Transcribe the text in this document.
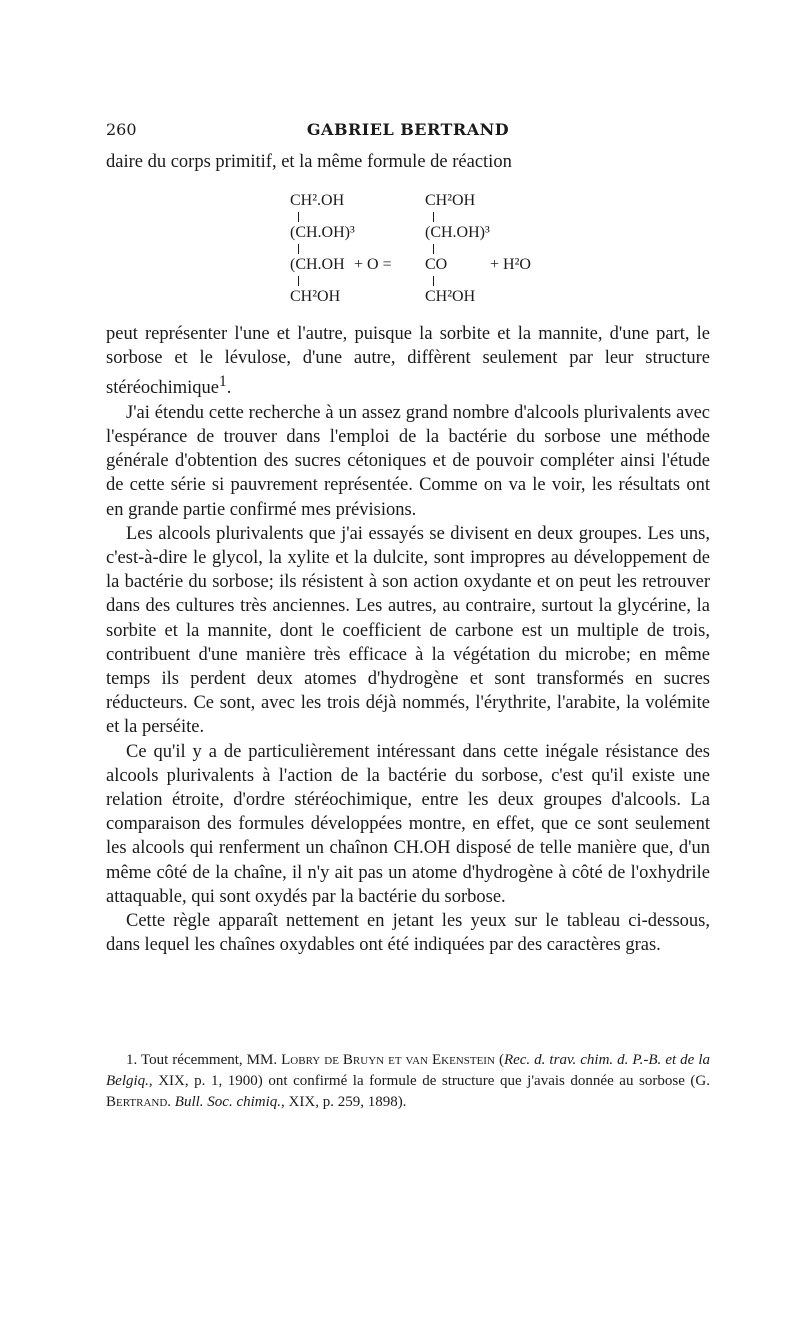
260	GABRIEL BERTRAND

daire du corps primitif, et la même formule de réaction

CH².OH
(CH.OH)³
(CH.OH
CH²OH
+ O =
CH²OH
(CH.OH)³
CO
CH²OH
+ H²O

peut représenter l'une et l'autre, puisque la sorbite et la mannite, d'une part, le sorbose et le lévulose, d'une autre, diffèrent seulement par leur structure stéréochimique$^1$.

J'ai étendu cette recherche à un assez grand nombre d'alcools plurivalents avec l'espérance de trouver dans l'emploi de la bactérie du sorbose une méthode générale d'obtention des sucres cétoniques et de pouvoir compléter ainsi l'étude de cette série si pauvrement représentée. Comme on va le voir, les résultats ont en grande partie confirmé mes prévisions.

Les alcools plurivalents que j'ai essayés se divisent en deux groupes. Les uns, c'est-à-dire le glycol, la xylite et la dulcite, sont impropres au développement de la bactérie du sorbose; ils résistent à son action oxydante et on peut les retrouver dans des cultures très anciennes. Les autres, au contraire, surtout la glycérine, la sorbite et la mannite, dont le coefficient de carbone est un multiple de trois, contribuent d'une manière très efficace à la végétation du microbe; en même temps ils perdent deux atomes d'hydrogène et sont transformés en sucres réducteurs. Ce sont, avec les trois déjà nommés, l'érythrite, l'arabite, la volémite et la perséite.

Ce qu'il y a de particulièrement intéressant dans cette inégale résistance des alcools plurivalents à l'action de la bactérie du sorbose, c'est qu'il existe une relation étroite, d'ordre stéréochimique, entre les deux groupes d'alcools. La comparaison des formules développées montre, en effet, que ce sont seulement les alcools qui renferment un chaînon CH.OH disposé de telle manière que, d'un même côté de la chaîne, il n'y ait pas un atome d'hydrogène à côté de l'oxhydrile attaquable, qui sont oxydés par la bactérie du sorbose.

Cette règle apparaît nettement en jetant les yeux sur le tableau ci-dessous, dans lequel les chaînes oxydables ont été indiquées par des caractères gras.

1. Tout récemment, MM. Lobry de Bruyn et van Ekenstein (Rec. d. trav. chim. d. P.-B. et de la Belgiq., XIX, p. 1, 1900) ont confirmé la formule de structure que j'avais donnée au sorbose (G. Bertrand. Bull. Soc. chimiq., XIX, p. 259, 1898).
